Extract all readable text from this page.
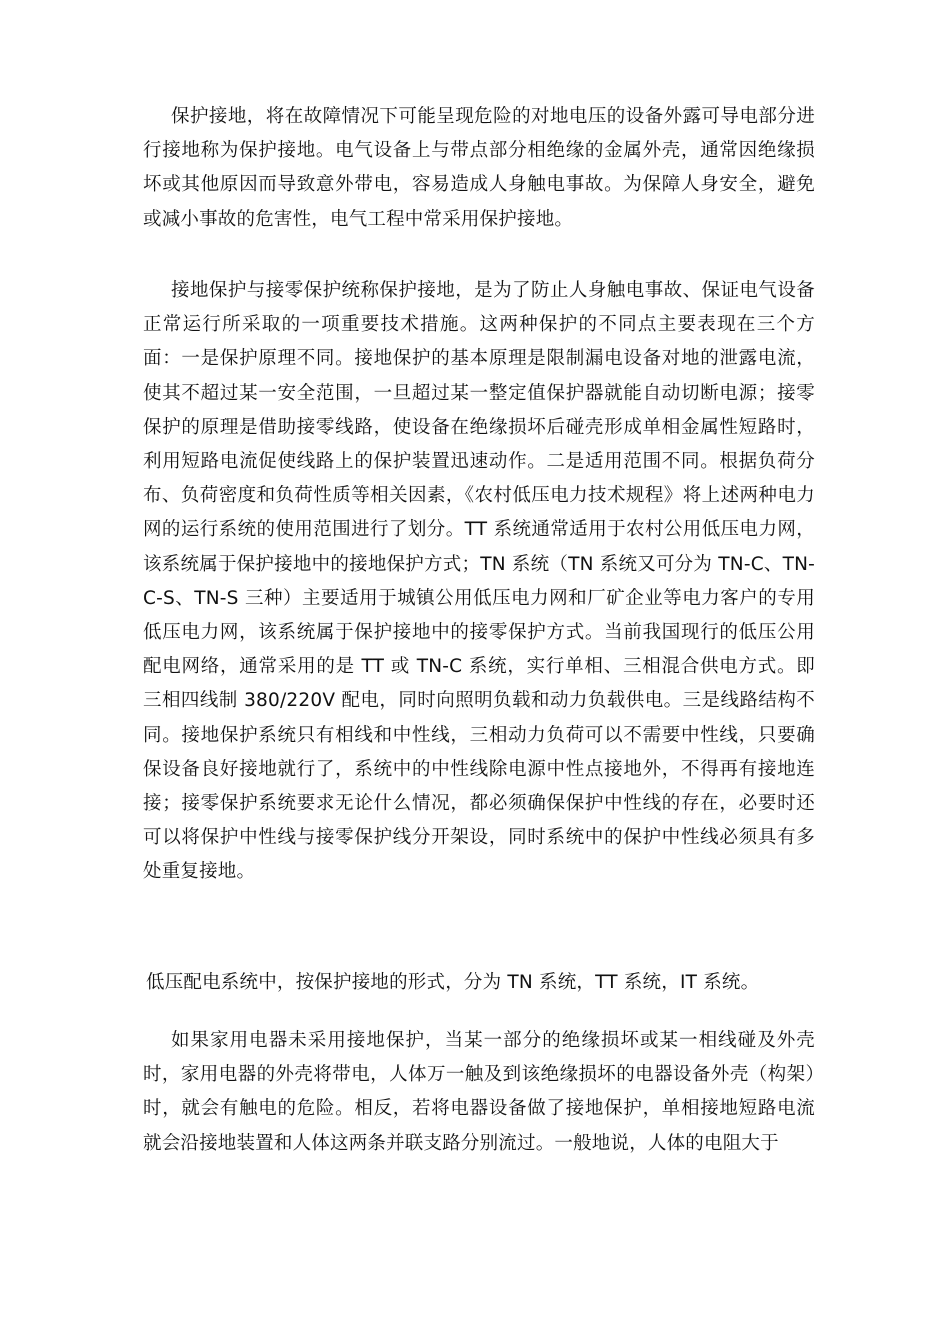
保护接地，将在故障情况下可能呈现危险的对地电压的设备外露可导电部分进行接地称为保护接地。电气设备上与带点部分相绝缘的金属外壳，通常因绝缘损坏或其他原因而导致意外带电，容易造成人身触电事故。为保障人身安全，避免或减小事故的危害性，电气工程中常采用保护接地。

接地保护与接零保护统称保护接地，是为了防止人身触电事故、保证电气设备正常运行所采取的一项重要技术措施。这两种保护的不同点主要表现在三个方面：一是保护原理不同。接地保护的基本原理是限制漏电设备对地的泄露电流，使其不超过某一安全范围，一旦超过某一整定值保护器就能自动切断电源；接零保护的原理是借助接零线路，使设备在绝缘损坏后碰壳形成单相金属性短路时，利用短路电流促使线路上的保护装置迅速动作。二是适用范围不同。根据负荷分布、负荷密度和负荷性质等相关因素，《农村低压电力技术规程》将上述两种电力网的运行系统的使用范围进行了划分。TT 系统通常适用于农村公用低压电力网，该系统属于保护接地中的接地保护方式；TN 系统（TN 系统又可分为 TN-C、TN-C-S、TN-S 三种）主要适用于城镇公用低压电力网和厂矿企业等电力客户的专用低压电力网，该系统属于保护接地中的接零保护方式。当前我国现行的低压公用配电网络，通常采用的是 TT 或 TN-C 系统，实行单相、三相混合供电方式。即三相四线制 380/220V 配电，同时向照明负载和动力负载供电。三是线路结构不同。接地保护系统只有相线和中性线，三相动力负荷可以不需要中性线，只要确保设备良好接地就行了，系统中的中性线除电源中性点接地外，不得再有接地连接；接零保护系统要求无论什么情况，都必须确保保护中性线的存在，必要时还可以将保护中性线与接零保护线分开架设，同时系统中的保护中性线必须具有多处重复接地。

低压配电系统中，按保护接地的形式，分为 TN 系统，TT 系统，IT 系统。

如果家用电器未采用接地保护，当某一部分的绝缘损坏或某一相线碰及外壳时，家用电器的外壳将带电，人体万一触及到该绝缘损坏的电器设备外壳（构架）时，就会有触电的危险。相反，若将电器设备做了接地保护，单相接地短路电流就会沿接地装置和人体这两条并联支路分别流过。一般地说，人体的电阻大于
